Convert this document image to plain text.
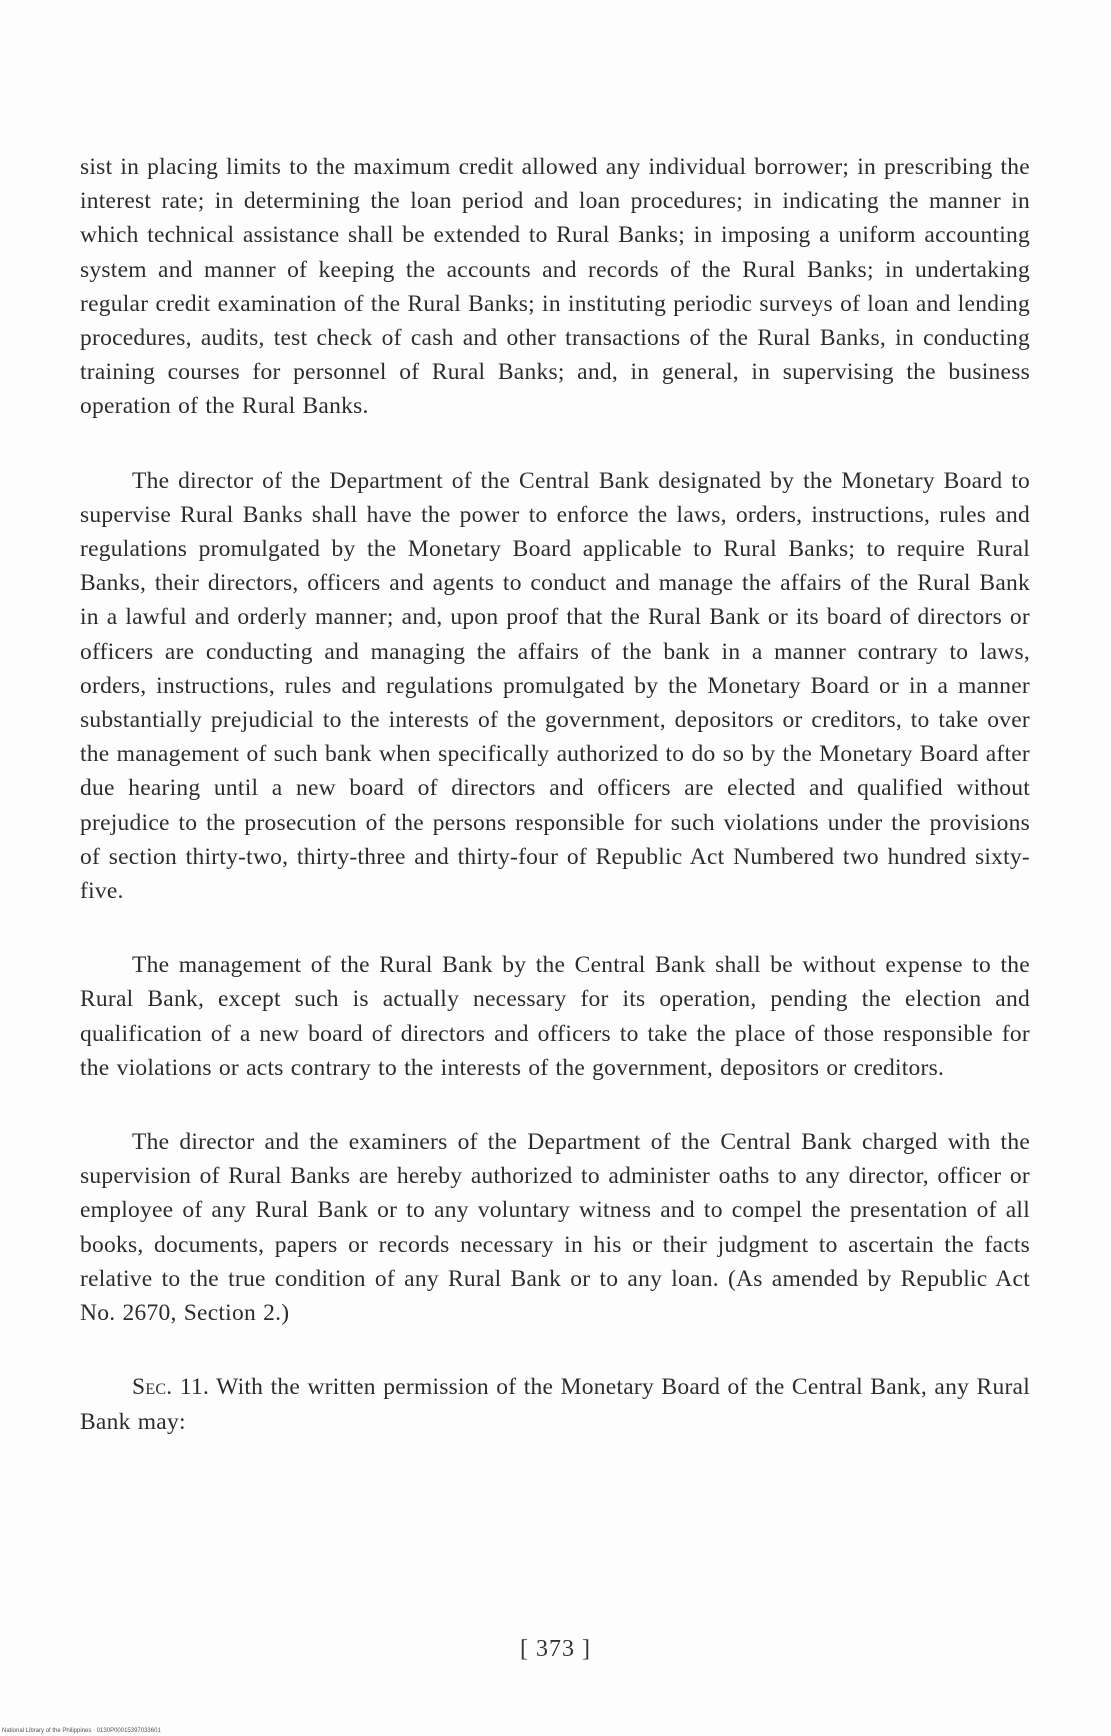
sist in placing limits to the maximum credit allowed any individual borrower; in prescribing the interest rate; in determining the loan period and loan procedures; in indicating the manner in which technical assistance shall be extended to Rural Banks; in imposing a uniform accounting system and manner of keeping the accounts and records of the Rural Banks; in undertaking regular credit examination of the Rural Banks; in instituting periodic surveys of loan and lending procedures, audits, test check of cash and other transactions of the Rural Banks, in conducting training courses for personnel of Rural Banks; and, in general, in supervising the business operation of the Rural Banks.

The director of the Department of the Central Bank designated by the Monetary Board to supervise Rural Banks shall have the power to enforce the laws, orders, instructions, rules and regulations promulgated by the Monetary Board applicable to Rural Banks; to require Rural Banks, their directors, officers and agents to conduct and manage the affairs of the Rural Bank in a lawful and orderly manner; and, upon proof that the Rural Bank or its board of directors or officers are conducting and managing the affairs of the bank in a manner contrary to laws, orders, instructions, rules and regulations promulgated by the Monetary Board or in a manner substantially prejudicial to the interests of the government, depositors or creditors, to take over the management of such bank when specifically authorized to do so by the Monetary Board after due hearing until a new board of directors and officers are elected and qualified without prejudice to the prosecution of the persons responsible for such violations under the provisions of section thirty-two, thirty-three and thirty-four of Republic Act Numbered two hundred sixty-five.

The management of the Rural Bank by the Central Bank shall be without expense to the Rural Bank, except such is actually necessary for its operation, pending the election and qualification of a new board of directors and officers to take the place of those responsible for the violations or acts contrary to the interests of the government, depositors or creditors.

The director and the examiners of the Department of the Central Bank charged with the supervision of Rural Banks are hereby authorized to administer oaths to any director, officer or employee of any Rural Bank or to any voluntary witness and to compel the presentation of all books, documents, papers or records necessary in his or their judgment to ascertain the facts relative to the true condition of any Rural Bank or to any loan. (As amended by Republic Act No. 2670, Section 2.)

Sec. 11. With the written permission of the Monetary Board of the Central Bank, any Rural Bank may:

[ 373 ]
National Library of the Philippines · 0130P00015397033601
